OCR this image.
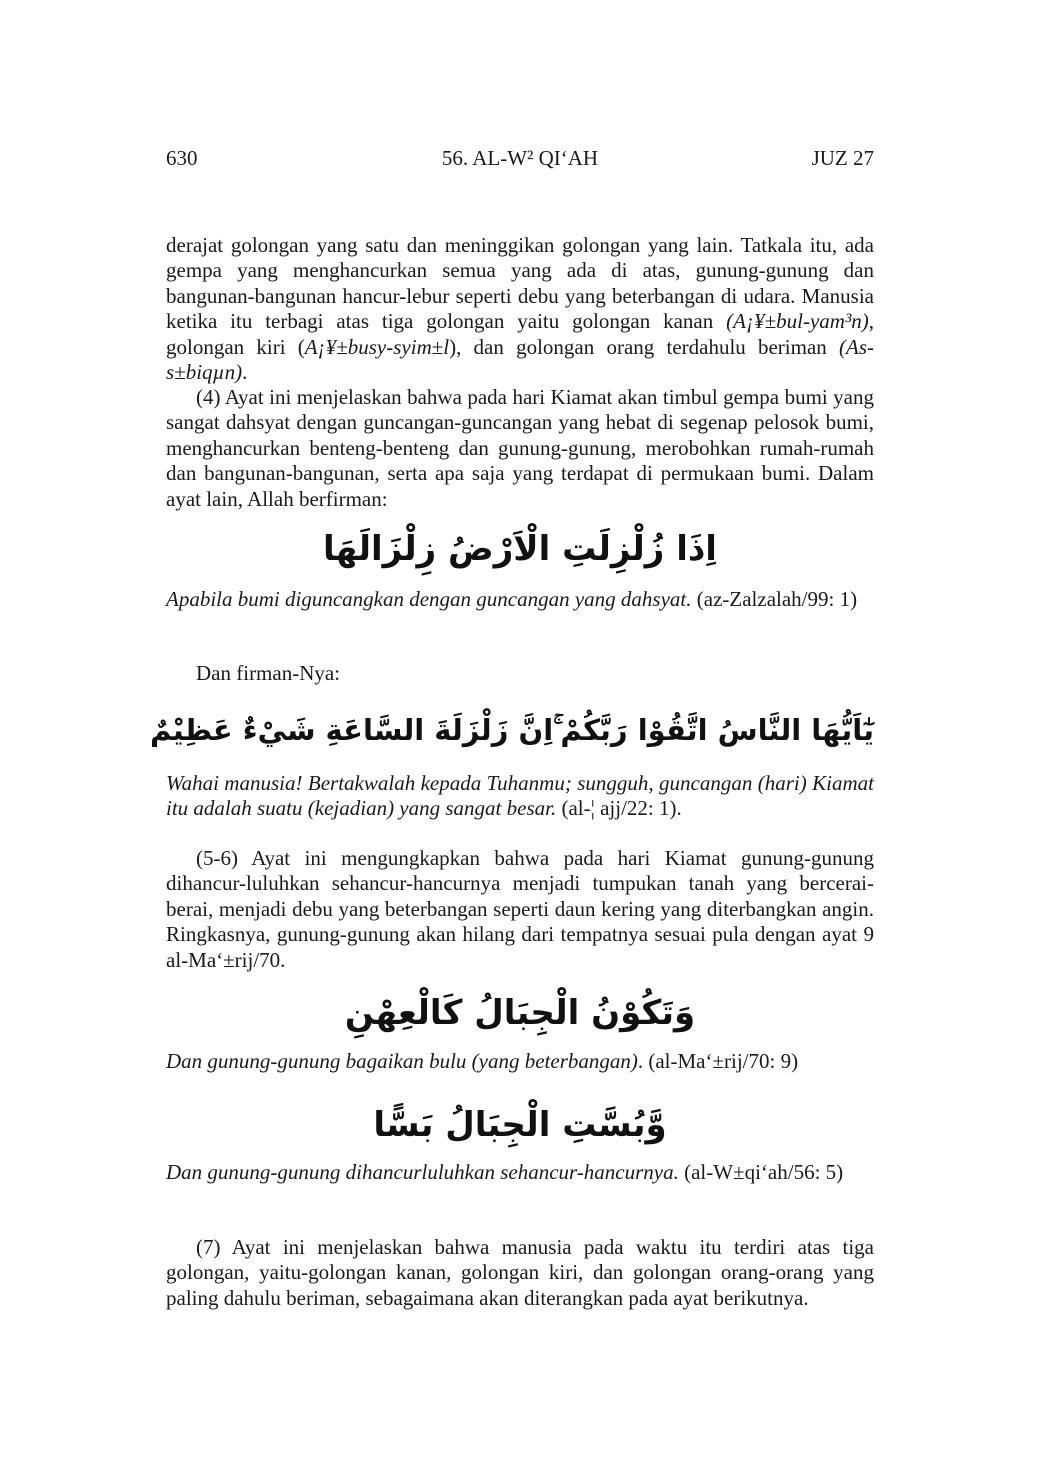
630	56. AL-W² QI‘AH	JUZ 27

derajat golongan yang satu dan meninggikan golongan yang lain. Tatkala itu, ada gempa yang menghancurkan semua yang ada di atas, gunung-gunung dan bangunan-bangunan hancur-lebur seperti debu yang beterbangan di udara. Manusia ketika itu terbagi atas tiga golongan yaitu golongan kanan (A¡¥±bul-yam³n), golongan kiri (A¡¥±busy-syim±l), dan golongan orang terdahulu beriman (As-s±biqµn).

(4) Ayat ini menjelaskan bahwa pada hari Kiamat akan timbul gempa bumi yang sangat dahsyat dengan guncangan-guncangan yang hebat di segenap pelosok bumi, menghancurkan benteng-benteng dan gunung-gunung, merobohkan rumah-rumah dan bangunan-bangunan, serta apa saja yang terdapat di permukaan bumi. Dalam ayat lain, Allah berfirman:

اِذَا زُلْزِلَتِ الْاَرْضُ زِلْزَالَهَا

Apabila bumi diguncangkan dengan guncangan yang dahsyat. (az-Zalzalah/99: 1)

Dan firman-Nya:

يٰٓاَيُّهَا النَّاسُ اتَّقُوْا رَبَّكُمْ ۚاِنَّ زَلْزَلَةَ السَّاعَةِ شَيْءٌ عَظِيْمٌ

Wahai manusia! Bertakwalah kepada Tuhanmu; sungguh, guncangan (hari) Kiamat itu adalah suatu (kejadian) yang sangat besar. (al-¦ ajj/22: 1).

(5-6) Ayat ini mengungkapkan bahwa pada hari Kiamat gunung-gunung dihancur-luluhkan sehancur-hancurnya menjadi tumpukan tanah yang bercerai-berai, menjadi debu yang beterbangan seperti daun kering yang diterbangkan angin. Ringkasnya, gunung-gunung akan hilang dari tempatnya sesuai pula dengan ayat 9 al-Ma‘±rij/70.

وَتَكُوْنُ الْجِبَالُ كَالْعِهْنِ

Dan gunung-gunung bagaikan bulu (yang beterbangan). (al-Ma‘±rij/70: 9)

وَّبُسَّتِ الْجِبَالُ بَسًّا

Dan gunung-gunung dihancurluluhkan sehancur-hancurnya. (al-W±qi‘ah/56: 5)

(7) Ayat ini menjelaskan bahwa manusia pada waktu itu terdiri atas tiga golongan, yaitu-golongan kanan, golongan kiri, dan golongan orang-orang yang paling dahulu beriman, sebagaimana akan diterangkan pada ayat berikutnya.
